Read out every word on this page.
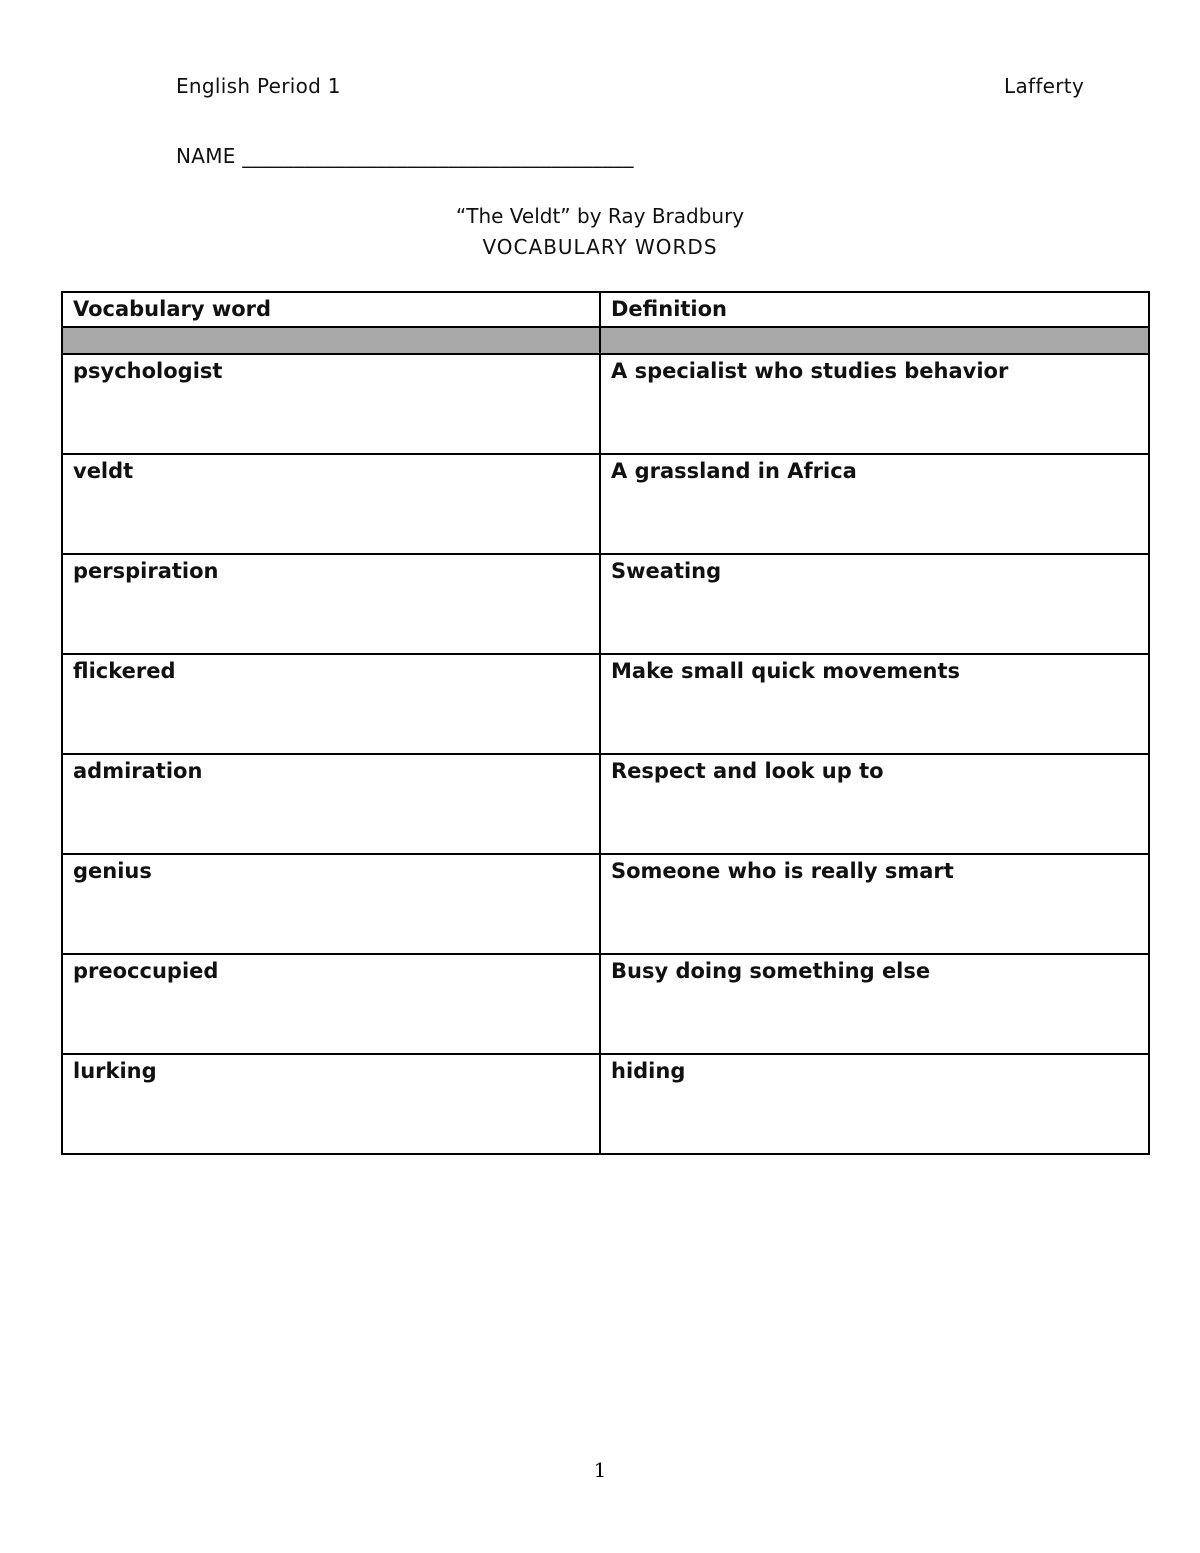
English Period 1	Lafferty
NAME ______________________________________
“The Veldt” by Ray Bradbury
VOCABULARY WORDS
Vocabulary word	Definition

psychologist	A specialist who studies behavior
veldt	A grassland in Africa
perspiration	Sweating
flickered	Make small quick movements
admiration	Respect and look up to
genius	Someone who is really smart
preoccupied	Busy doing something else
lurking	hiding
1
